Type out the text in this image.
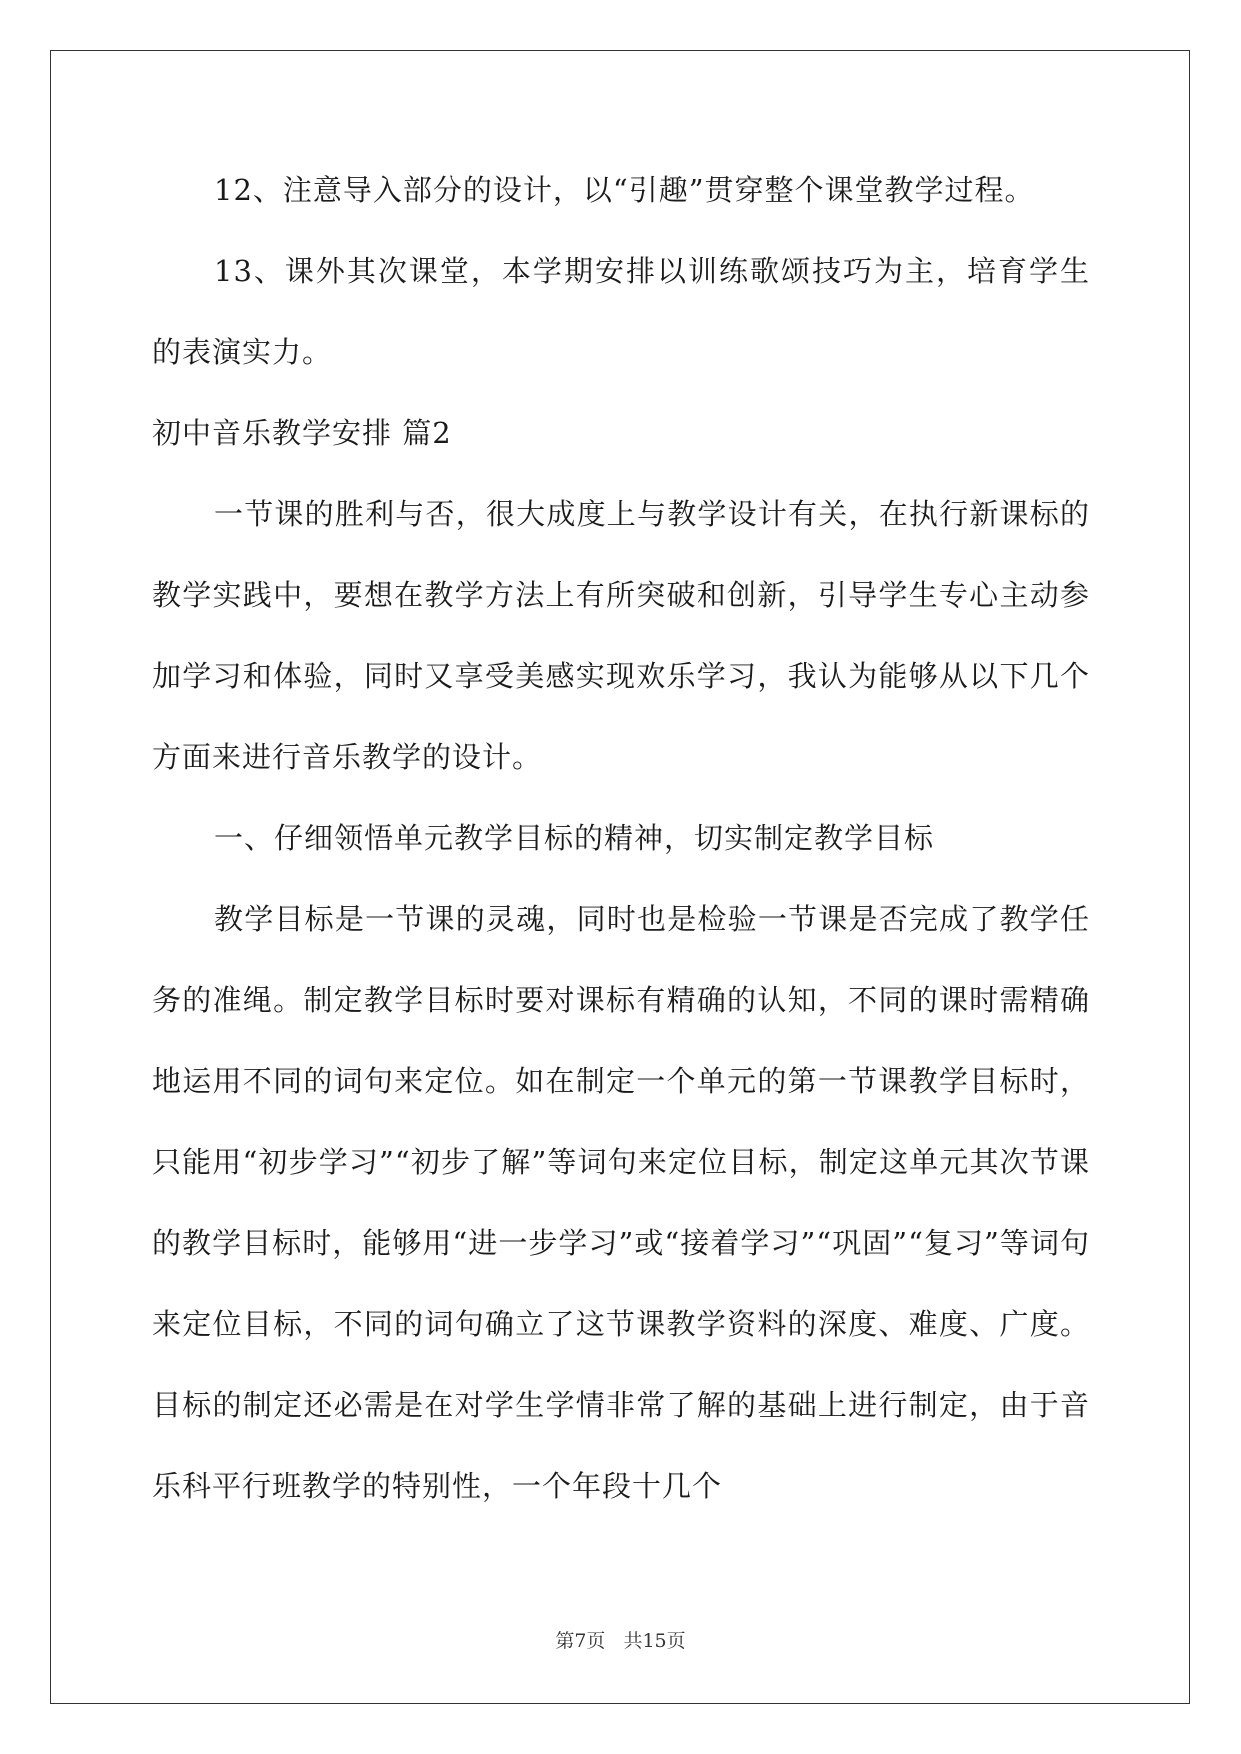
12、注意导入部分的设计，以“引趣”贯穿整个课堂教学过程。

13、课外其次课堂，本学期安排以训练歌颂技巧为主，培育学生的表演实力。

初中音乐教学安排 篇2

一节课的胜利与否，很大成度上与教学设计有关，在执行新课标的教学实践中，要想在教学方法上有所突破和创新，引导学生专心主动参加学习和体验，同时又享受美感实现欢乐学习，我认为能够从以下几个方面来进行音乐教学的设计。

一、仔细领悟单元教学目标的精神，切实制定教学目标

教学目标是一节课的灵魂，同时也是检验一节课是否完成了教学任务的准绳。制定教学目标时要对课标有精确的认知，不同的课时需精确地运用不同的词句来定位。如在制定一个单元的第一节课教学目标时，只能用“初步学习”“初步了解”等词句来定位目标，制定这单元其次节课的教学目标时，能够用“进一步学习”或“接着学习”“巩固”“复习”等词句来定位目标，不同的词句确立了这节课教学资料的深度、难度、广度。目标的制定还必需是在对学生学情非常了解的基础上进行制定，由于音乐科平行班教学的特别性，一个年段十几个

第7页 共15页
